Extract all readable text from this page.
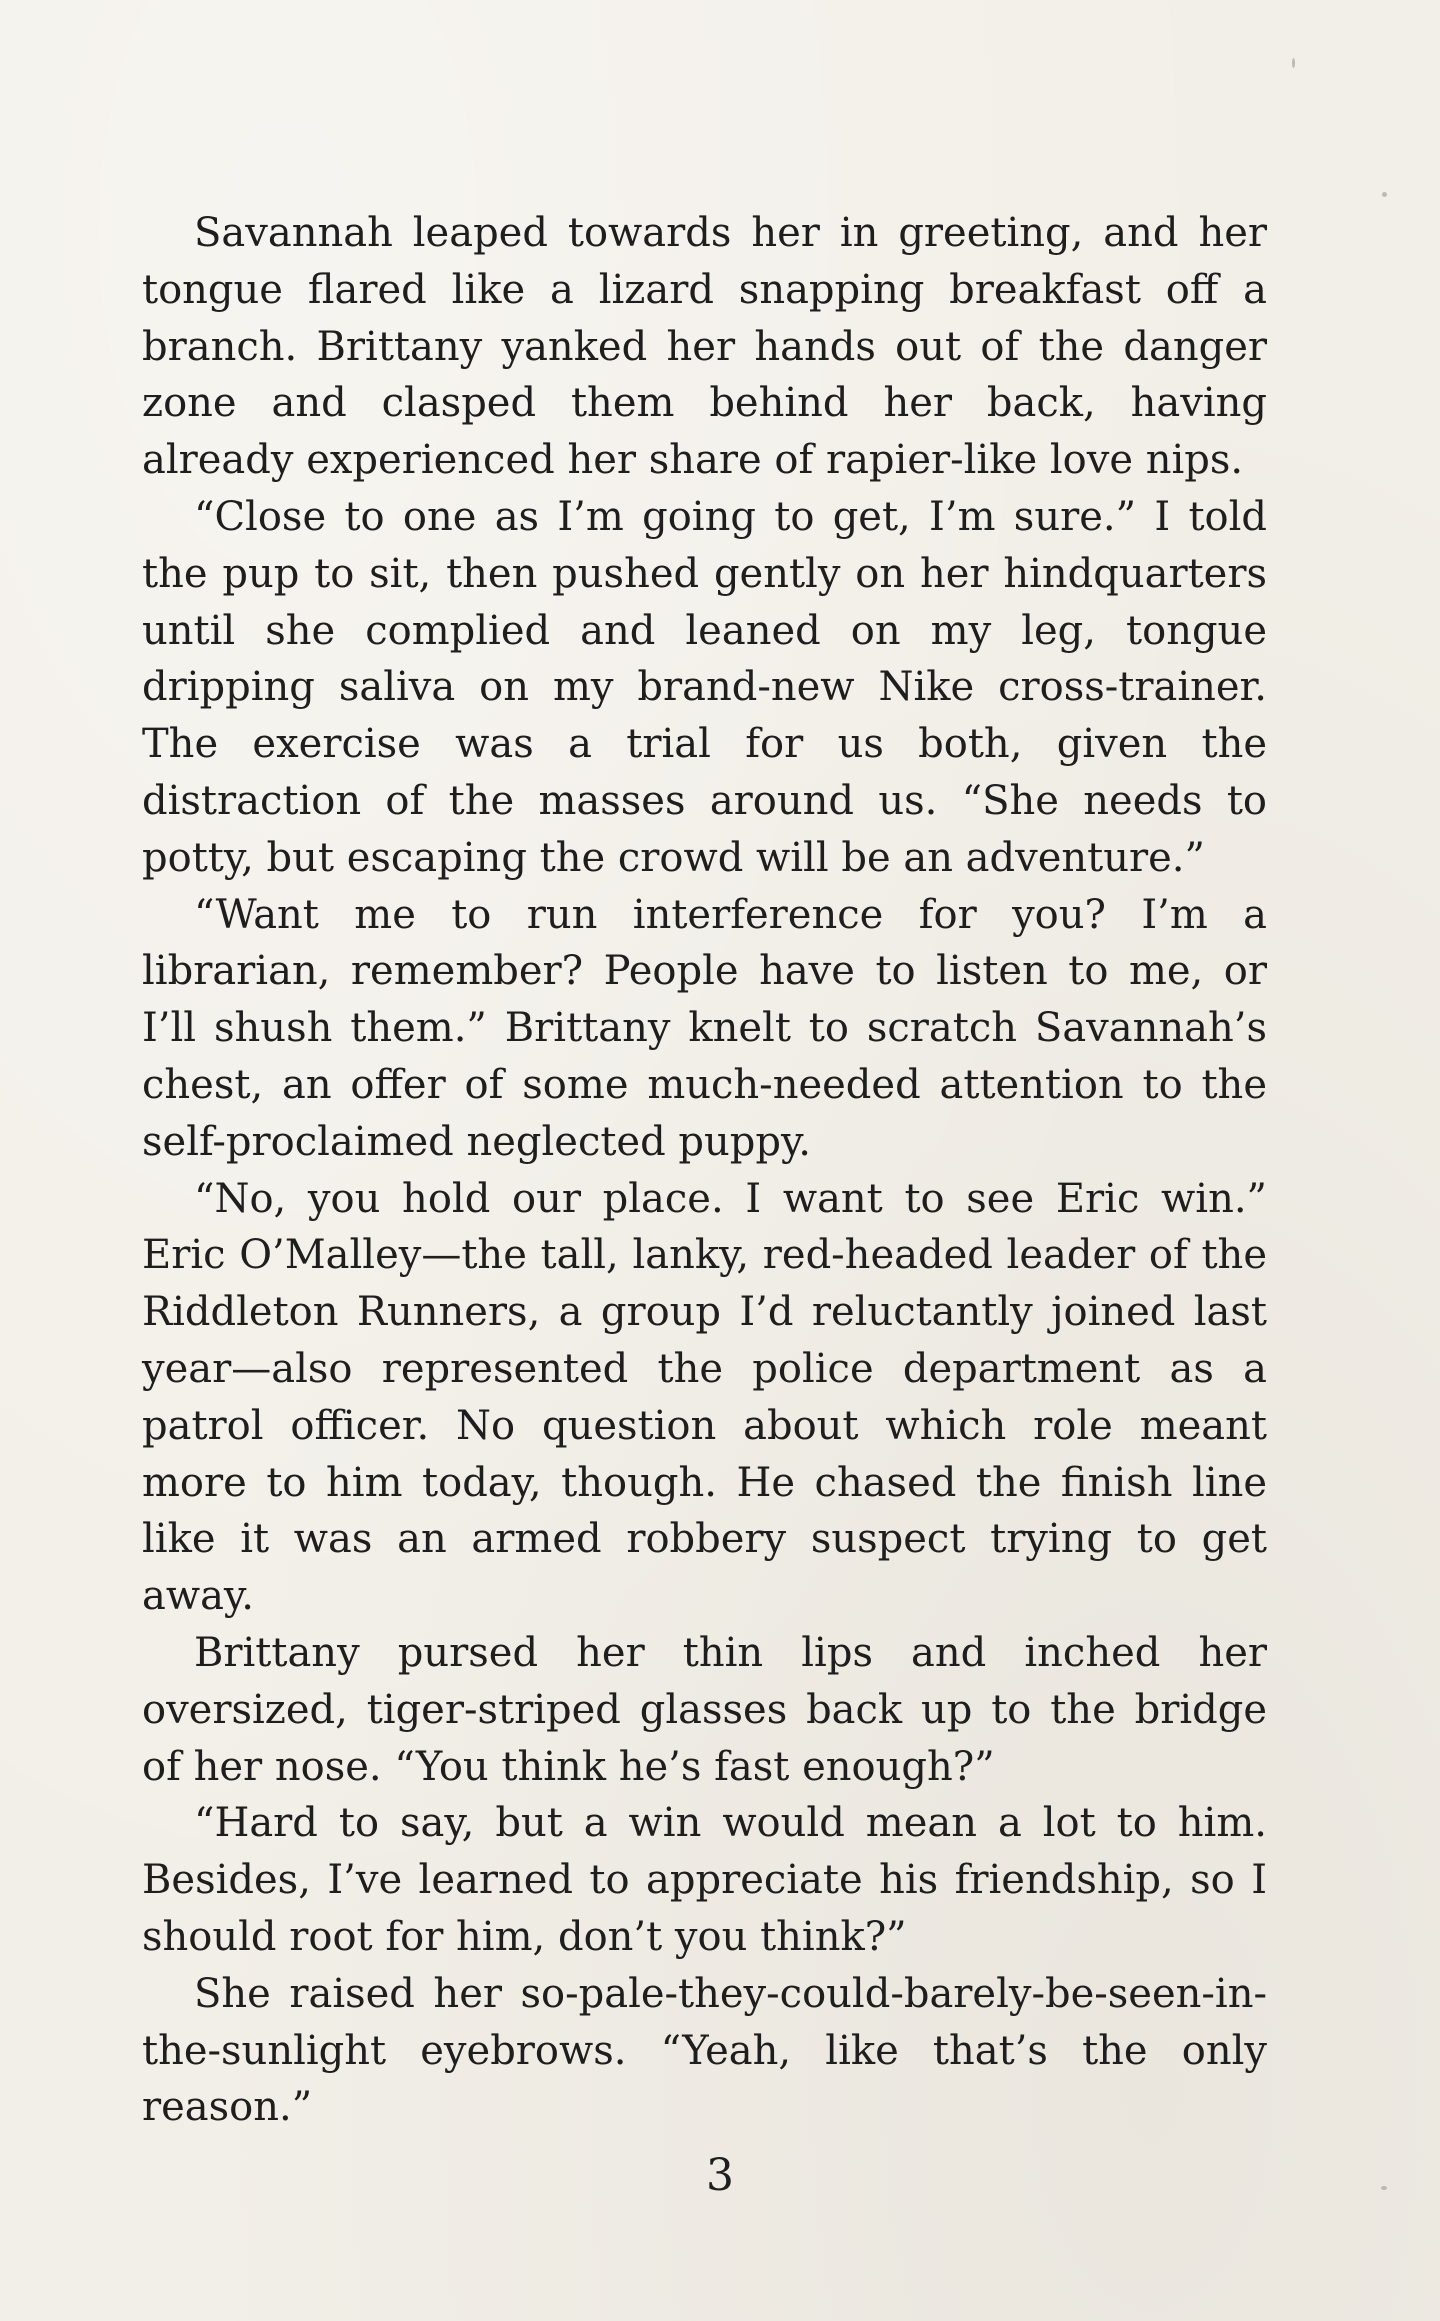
Savannah leaped towards her in greeting, and her tongue flared like a lizard snapping breakfast off a branch. Brittany yanked her hands out of the danger zone and clasped them behind her back, having already experienced her share of rapier-like love nips.

“Close to one as I’m going to get, I’m sure.” I told the pup to sit, then pushed gently on her hindquarters until she complied and leaned on my leg, tongue dripping saliva on my brand-new Nike cross-trainer. The exercise was a trial for us both, given the distraction of the masses around us. “She needs to potty, but escaping the crowd will be an adventure.”

“Want me to run interference for you? I’m a librarian, remember? People have to listen to me, or I’ll shush them.” Brittany knelt to scratch Savannah’s chest, an offer of some much-needed attention to the self-proclaimed neglected puppy.

“No, you hold our place. I want to see Eric win.” Eric O’Malley—the tall, lanky, red-headed leader of the Riddleton Runners, a group I’d reluctantly joined last year—also represented the police department as a patrol officer. No question about which role meant more to him today, though. He chased the finish line like it was an armed robbery suspect trying to get away.

Brittany pursed her thin lips and inched her oversized, tiger-striped glasses back up to the bridge of her nose. “You think he’s fast enough?”

“Hard to say, but a win would mean a lot to him. Besides, I’ve learned to appreciate his friendship, so I should root for him, don’t you think?”

She raised her so-pale-they-could-barely-be-seen-in-the-sunlight eyebrows. “Yeah, like that’s the only reason.”

3
